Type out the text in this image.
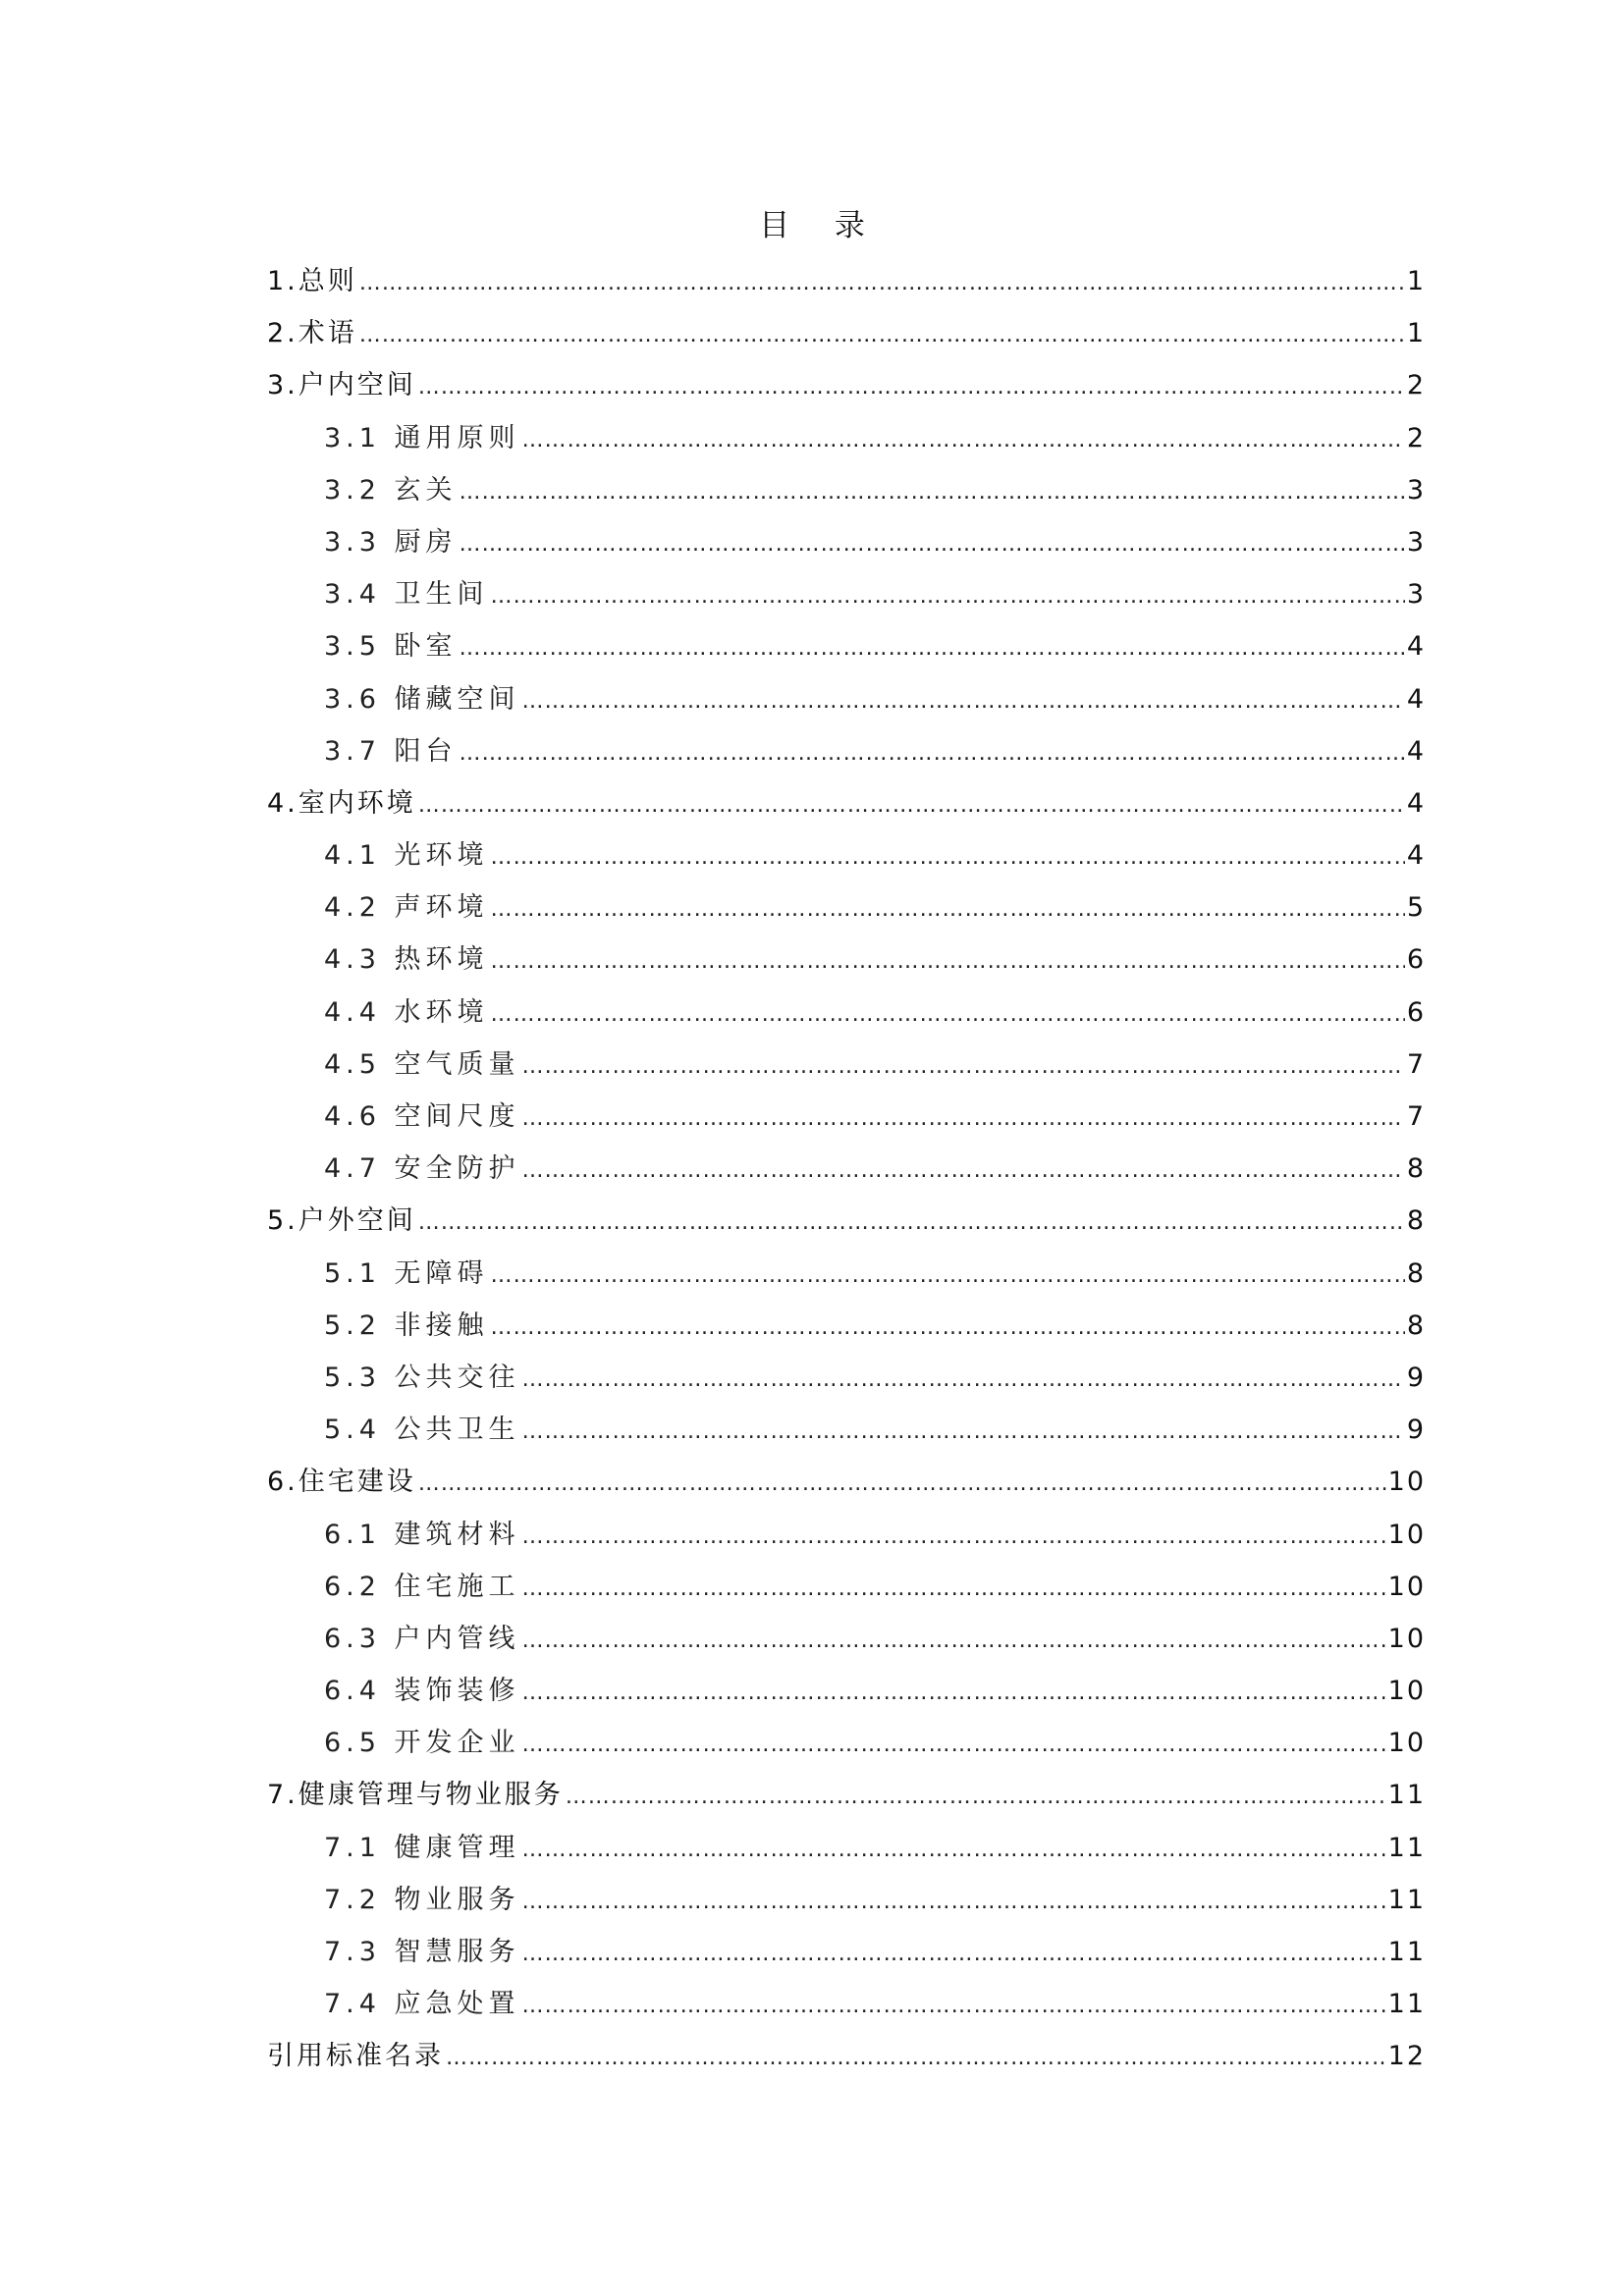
目 录
1.总则 …………………………………………………………………………………………………………………………………………………………………………………………………………………………………………	1
2.术语 …………………………………………………………………………………………………………………………………………………………………………………………………………………………………………	1
3.户内空间 …………………………………………………………………………………………………………………………………………………………………………………………………………………………………………	2
3.1 通用原则 …………………………………………………………………………………………………………………………………………………………………………………………………………………………………………	2
3.2 玄关 …………………………………………………………………………………………………………………………………………………………………………………………………………………………………………	3
3.3 厨房 …………………………………………………………………………………………………………………………………………………………………………………………………………………………………………	3
3.4 卫生间 …………………………………………………………………………………………………………………………………………………………………………………………………………………………………………	3
3.5 卧室 …………………………………………………………………………………………………………………………………………………………………………………………………………………………………………	4
3.6 储藏空间 …………………………………………………………………………………………………………………………………………………………………………………………………………………………………………	4
3.7 阳台 …………………………………………………………………………………………………………………………………………………………………………………………………………………………………………	4
4.室内环境 …………………………………………………………………………………………………………………………………………………………………………………………………………………………………………	4
4.1 光环境 …………………………………………………………………………………………………………………………………………………………………………………………………………………………………………	4
4.2 声环境 …………………………………………………………………………………………………………………………………………………………………………………………………………………………………………	5
4.3 热环境 …………………………………………………………………………………………………………………………………………………………………………………………………………………………………………	6
4.4 水环境 …………………………………………………………………………………………………………………………………………………………………………………………………………………………………………	6
4.5 空气质量 …………………………………………………………………………………………………………………………………………………………………………………………………………………………………………	7
4.6 空间尺度 …………………………………………………………………………………………………………………………………………………………………………………………………………………………………………	7
4.7 安全防护 …………………………………………………………………………………………………………………………………………………………………………………………………………………………………………	8
5.户外空间 …………………………………………………………………………………………………………………………………………………………………………………………………………………………………………	8
5.1 无障碍 …………………………………………………………………………………………………………………………………………………………………………………………………………………………………………	8
5.2 非接触 …………………………………………………………………………………………………………………………………………………………………………………………………………………………………………	8
5.3 公共交往 …………………………………………………………………………………………………………………………………………………………………………………………………………………………………………	9
5.4 公共卫生 …………………………………………………………………………………………………………………………………………………………………………………………………………………………………………	9
6.住宅建设 …………………………………………………………………………………………………………………………………………………………………………………………………………………………………………	10
6.1 建筑材料 …………………………………………………………………………………………………………………………………………………………………………………………………………………………………………	10
6.2 住宅施工 …………………………………………………………………………………………………………………………………………………………………………………………………………………………………………	10
6.3 户内管线 …………………………………………………………………………………………………………………………………………………………………………………………………………………………………………	10
6.4 装饰装修 …………………………………………………………………………………………………………………………………………………………………………………………………………………………………………	10
6.5 开发企业 …………………………………………………………………………………………………………………………………………………………………………………………………………………………………………	10
7.健康管理与物业服务 …………………………………………………………………………………………………………………………………………………………………………………………………………………………………………	11
7.1 健康管理 …………………………………………………………………………………………………………………………………………………………………………………………………………………………………………	11
7.2 物业服务 …………………………………………………………………………………………………………………………………………………………………………………………………………………………………………	11
7.3 智慧服务 …………………………………………………………………………………………………………………………………………………………………………………………………………………………………………	11
7.4 应急处置 …………………………………………………………………………………………………………………………………………………………………………………………………………………………………………	11
引用标准名录 …………………………………………………………………………………………………………………………………………………………………………………………………………………………………………	12
